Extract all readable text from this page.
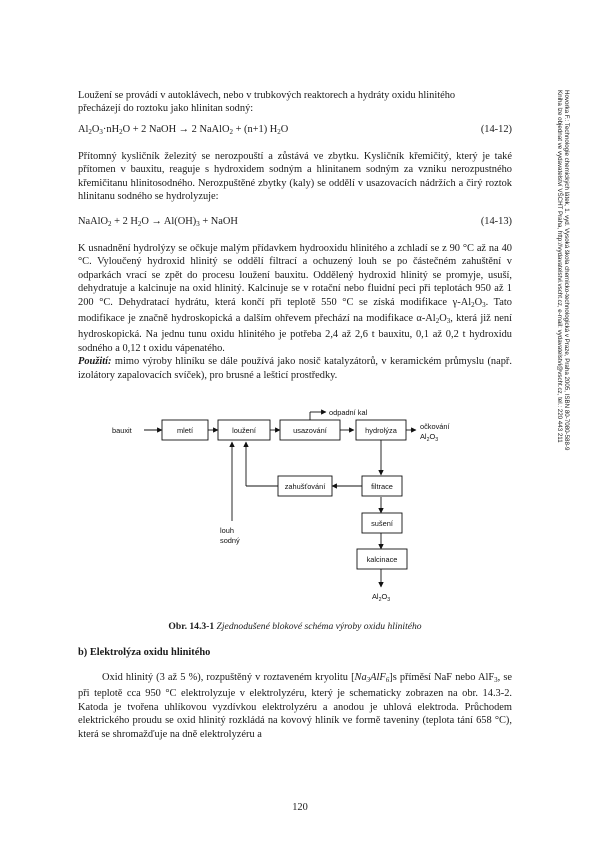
Hovorka F.: Technologie chemických látek, 1. vyd. Vysoká škola chemicko-technologická v Praze, Praha 2005, ISBN 80-7080-588-9
Kniha lze objednat ve vydavatelství VŠCHT Praha, http://vydavatelstvi.vscht.cz, e-mail: vydavatelstvi@vscht.cz, tel.: 220 443 211
Loužení se provádí v autoklávech, nebo v trubkových reaktorech a hydráty oxidu hlinitého
přecházejí do roztoku jako hlinitan sodný:
$Al_2O_3\cdot nH_2O + 2$ NaOH → 2 NaAlO$_2$ + (n+1) $H_2O$	(14-12)

Přítomný kysličník železitý se nerozpouští a zůstává ve zbytku. Kysličník křemičitý, který je také přítomen v bauxitu, reaguje s hydroxidem sodným a hlinitanem sodným za vzniku nerozpustného křemičitanu hlinitosodného. Nerozpuštěné zbytky (kaly) se oddělí v usazovacích nádržích a čirý roztok hlinitanu sodného se hydrolyzuje:

NaAlO$_2$ + 2 $H_2O \to Al(OH)_3$ + NaOH	(14-13)

K usnadnění hydrolýzy se očkuje malým přídavkem hydrooxidu hlinitého a zchladí se z 90 °C až na 40 °C. Vyloučený hydroxid hlinitý se oddělí filtrací a ochuzený louh se po částečném zahuštění v odparkách vrací se zpět do procesu loužení bauxitu. Oddělený hydroxid hlinitý se promyje, usuší, dehydratuje a kalcinuje na oxid hlinitý. Kalcinuje se v rotační nebo fluidní peci při teplotách 950 až 1 200 °C. Dehydratací hydrátu, která končí při teplotě 550 °C se získá modifikace $\gamma-Al_2O_3$. Tato modifikace je značně hydroskopická a dalším ohřevem přechází na modifikace $\alpha-Al_2O_3$, která již není hydroskopická. Na jednu tunu oxidu hlinitého je potřeba 2,4 až 2,6 t bauxitu, 0,1 až 0,2 t hydroxidu sodného a 0,12 t oxidu vápenatého.

Použití: mimo výroby hliníku se dále používá jako nosič katalyzátorů, v keramickém průmyslu (např. izolátory zapalovacích svíček), pro brusné a lešticí prostředky.

bauxit	mletí	loužení	usazování	hydrolýza
zahušťování	filtrace
sušení
kalcinace
odpadní kal
očkování
$Al_2O_3$
louh
sodný
$Al_2O_3$
Obr. 14.3-1 Zjednodušené blokové schéma výroby oxidu hlinitého
b) Elektrolýza oxidu hlinitého

Oxid hlinitý (3 až 5 %), rozpuštěný v roztaveném kryolitu $[Na_3AlF_6]s$ příměsí NaF nebo AlF$_3$, se při teplotě cca 950 °C elektrolyzuje v elektrolyzéru, který je schematicky zobrazen na obr. 14.3-2. Katoda je tvořena uhlíkovou vyzdívkou elektrolyzéru a anodou je uhlová elektroda. Průchodem elektrického proudu se oxid hlinitý rozkládá na kovový hliník ve formě taveniny (teplota tání 658 °C), která se shromažďuje na dně elektrolyzéru a

120
